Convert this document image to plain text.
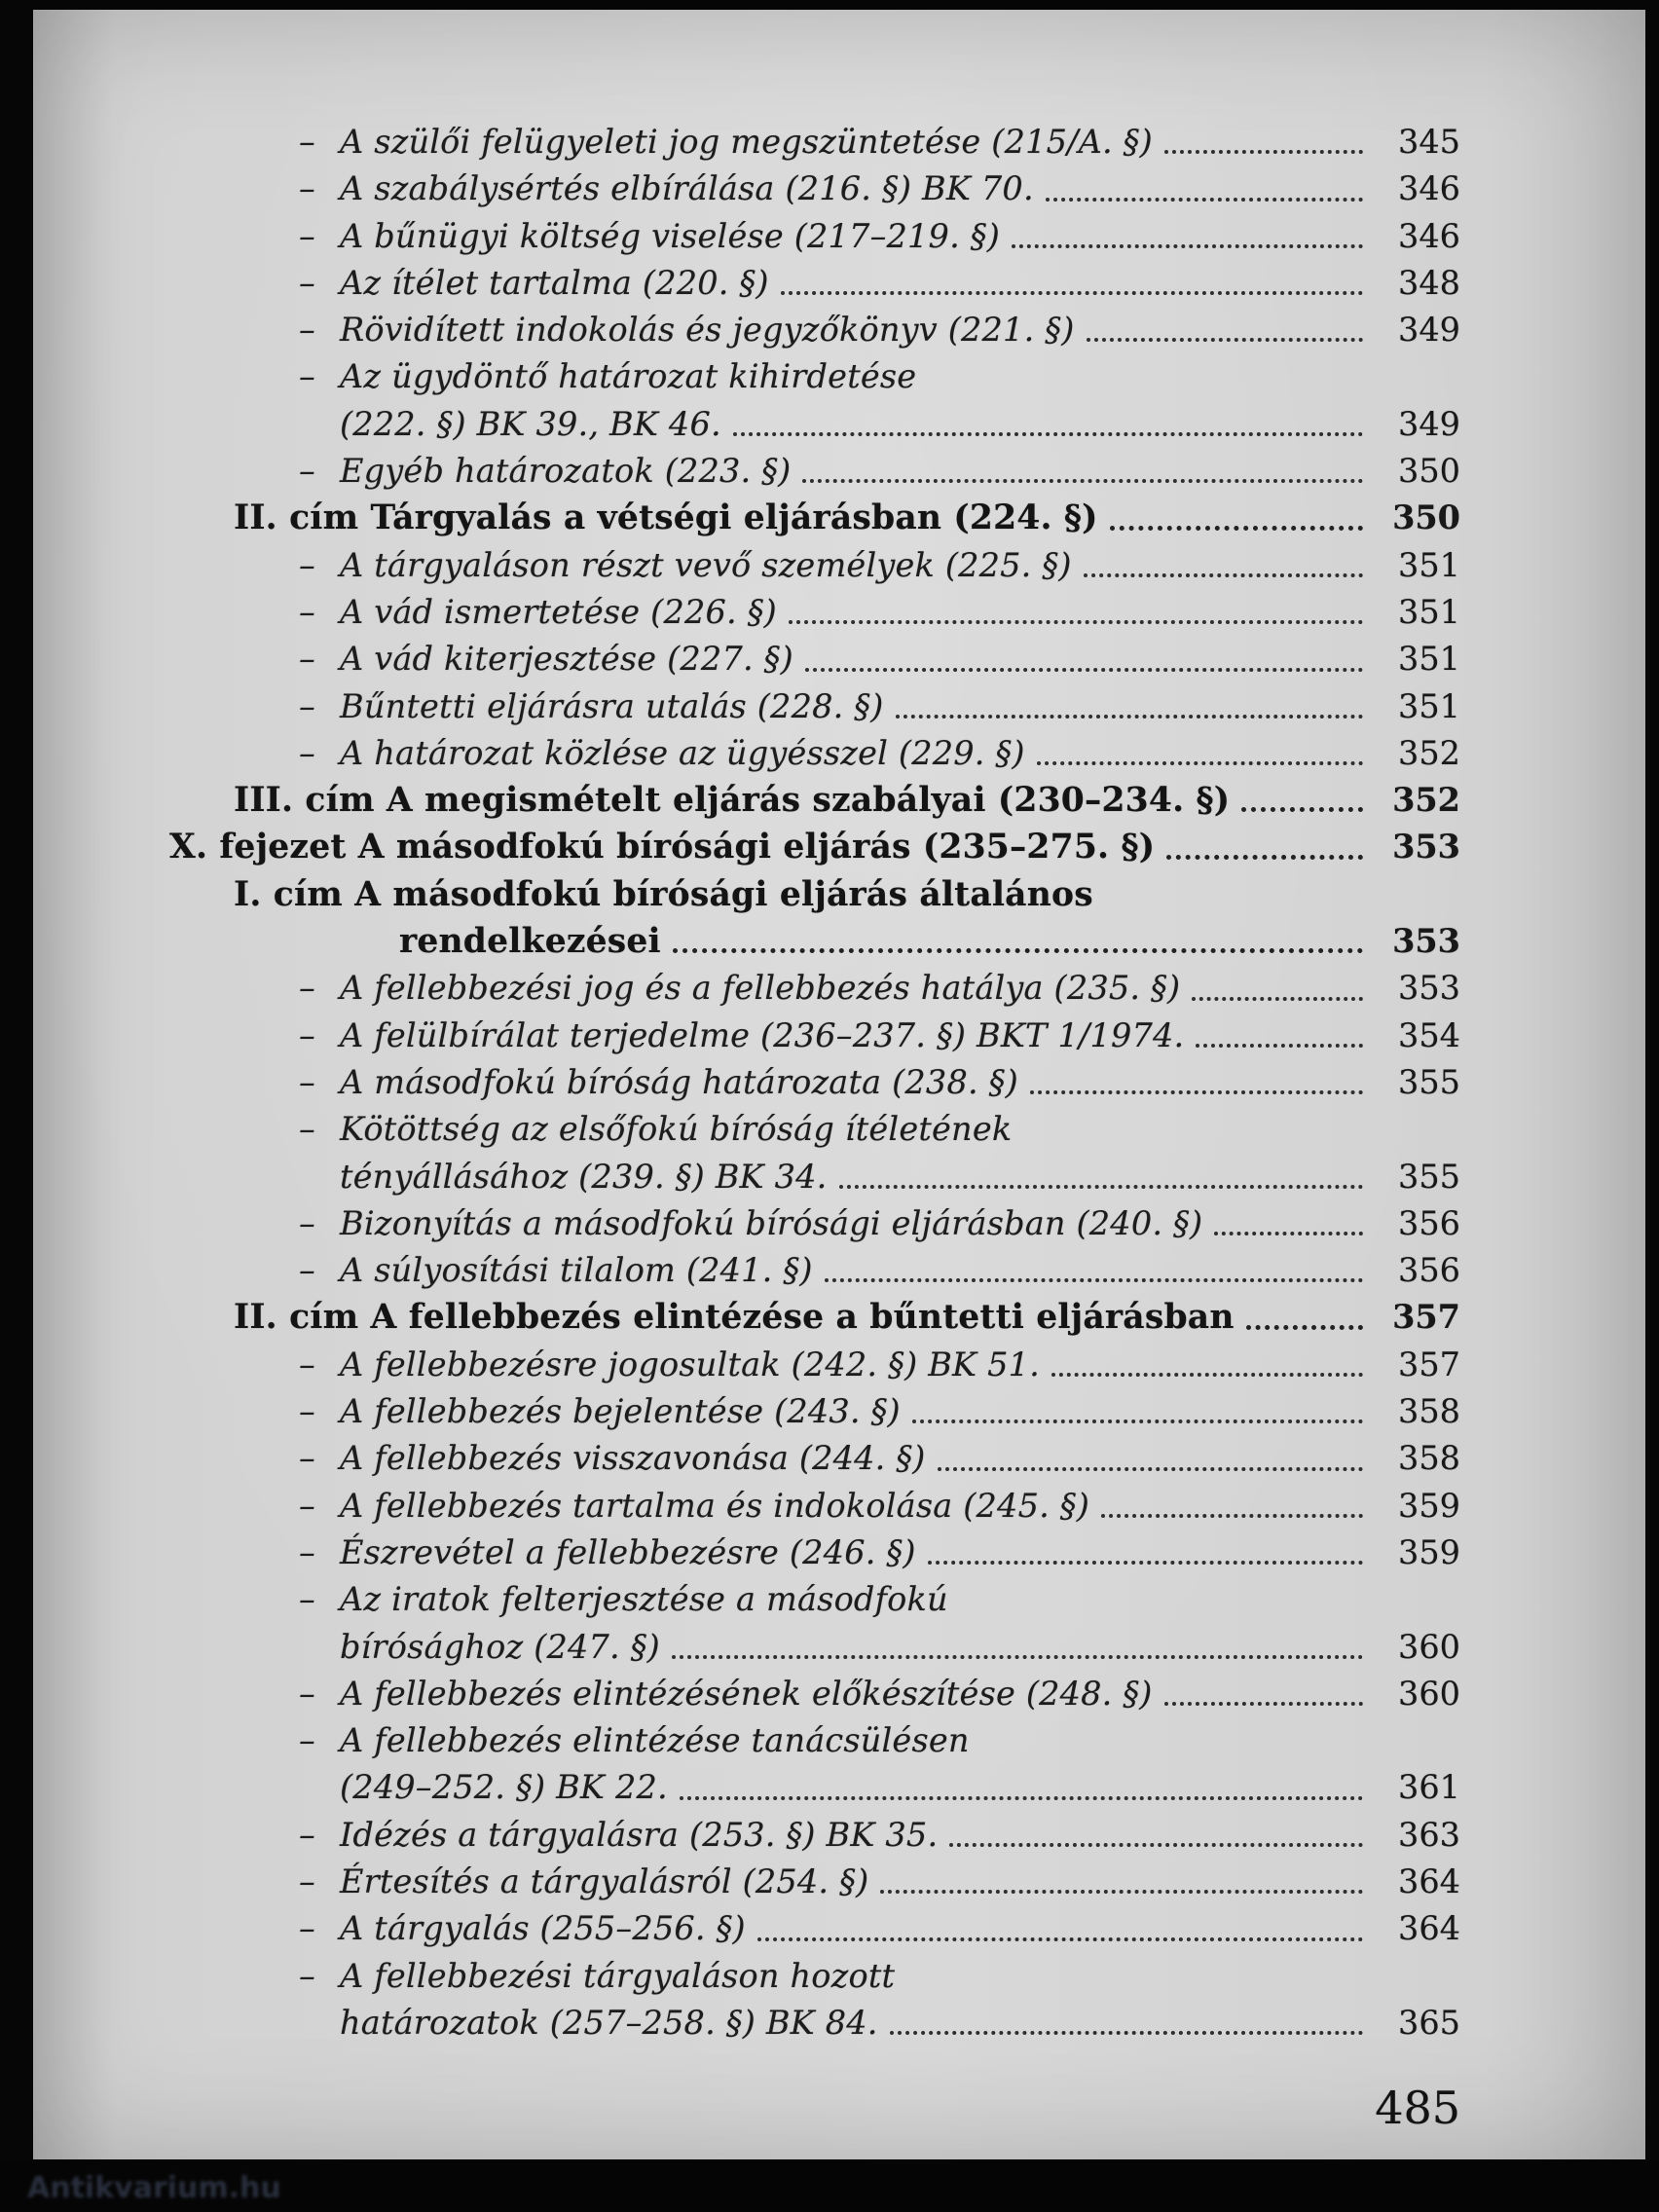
– A szülői felügyeleti jog megszüntetése (215/A. §)	345
– A szabálysértés elbírálása (216. §) BK 70.	346
– A bűnügyi költség viselése (217–219. §)	346
– Az ítélet tartalma (220. §)	348
– Rövidített indokolás és jegyzőkönyv (221. §)	349
– Az ügydöntő határozat kihirdetése
(222. §) BK 39., BK 46.	349
– Egyéb határozatok (223. §)	350
II. cím Tárgyalás a vétségi eljárásban (224. §)	350
– A tárgyaláson részt vevő személyek (225. §)	351
– A vád ismertetése (226. §)	351
– A vád kiterjesztése (227. §)	351
– Bűntetti eljárásra utalás (228. §)	351
– A határozat közlése az ügyésszel (229. §)	352
III. cím A megismételt eljárás szabályai (230–234. §)	352
X. fejezet A másodfokú bírósági eljárás (235–275. §)	353
I. cím A másodfokú bírósági eljárás általános
rendelkezései	353
– A fellebbezési jog és a fellebbezés hatálya (235. §)	353
– A felülbírálat terjedelme (236–237. §) BKT 1/1974.	354
– A másodfokú bíróság határozata (238. §)	355
– Kötöttség az elsőfokú bíróság ítéletének
tényállásához (239. §) BK 34.	355
– Bizonyítás a másodfokú bírósági eljárásban (240. §)	356
– A súlyosítási tilalom (241. §)	356
II. cím A fellebbezés elintézése a bűntetti eljárásban	357
– A fellebbezésre jogosultak (242. §) BK 51.	357
– A fellebbezés bejelentése (243. §)	358
– A fellebbezés visszavonása (244. §)	358
– A fellebbezés tartalma és indokolása (245. §)	359
– Észrevétel a fellebbezésre (246. §)	359
– Az iratok felterjesztése a másodfokú
bírósághoz (247. §)	360
– A fellebbezés elintézésének előkészítése (248. §)	360
– A fellebbezés elintézése tanácsülésen
(249–252. §) BK 22.	361
– Idézés a tárgyalásra (253. §) BK 35.	363
– Értesítés a tárgyalásról (254. §)	364
– A tárgyalás (255–256. §)	364
– A fellebbezési tárgyaláson hozott
határozatok (257–258. §) BK 84.	365
485
Antikvarium.hu
